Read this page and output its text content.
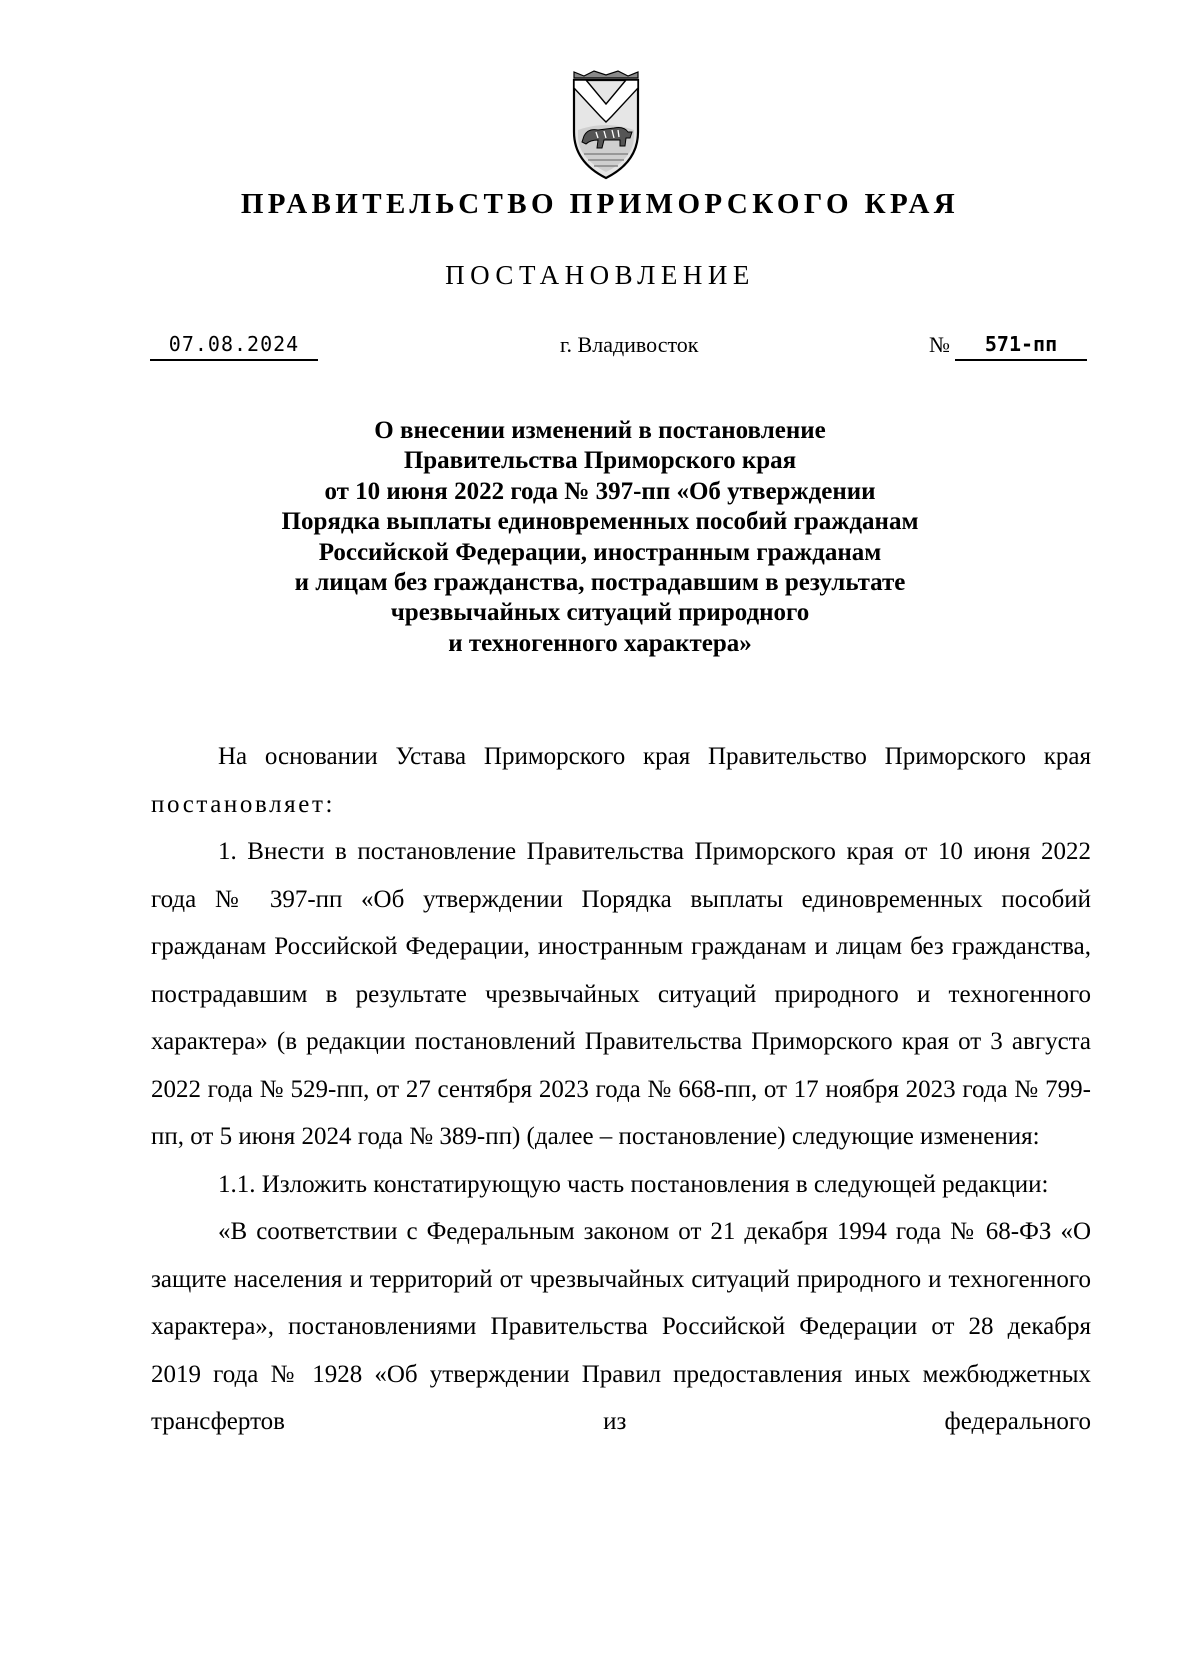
ПРАВИТЕЛЬСТВО ПРИМОРСКОГО КРАЯ
ПОСТАНОВЛЕНИЕ
07.08.2024	г. Владивосток	№	571-пп
О внесении изменений в постановление
Правительства Приморского края
от 10 июня 2022 года № 397-пп «Об утверждении
Порядка выплаты единовременных пособий гражданам
Российской Федерации, иностранным гражданам
и лицам без гражданства, пострадавшим в результате
чрезвычайных ситуаций природного
и техногенного характера»

На основании Устава Приморского края Правительство Приморского края постановляет:

1. Внести в постановление Правительства Приморского края от 10 июня 2022 года № 397-пп «Об утверждении Порядка выплаты единовременных пособий гражданам Российской Федерации, иностранным гражданам и лицам без гражданства, пострадавшим в результате чрезвычайных ситуаций природного и техногенного характера» (в редакции постановлений Правительства Приморского края от 3 августа 2022 года № 529-пп, от 27 сентября 2023 года № 668-пп, от 17 ноября 2023 года № 799-пп, от 5 июня 2024 года № 389-пп) (далее – постановление) следующие изменения:

1.1. Изложить констатирующую часть постановления в следующей редакции:

«В соответствии с Федеральным законом от 21 декабря 1994 года № 68-ФЗ «О защите населения и территорий от чрезвычайных ситуаций природного и техногенного характера», постановлениями Правительства Российской Федерации от 28 декабря 2019 года № 1928 «Об утверждении Правил предоставления иных межбюджетных трансфертов из федерального
